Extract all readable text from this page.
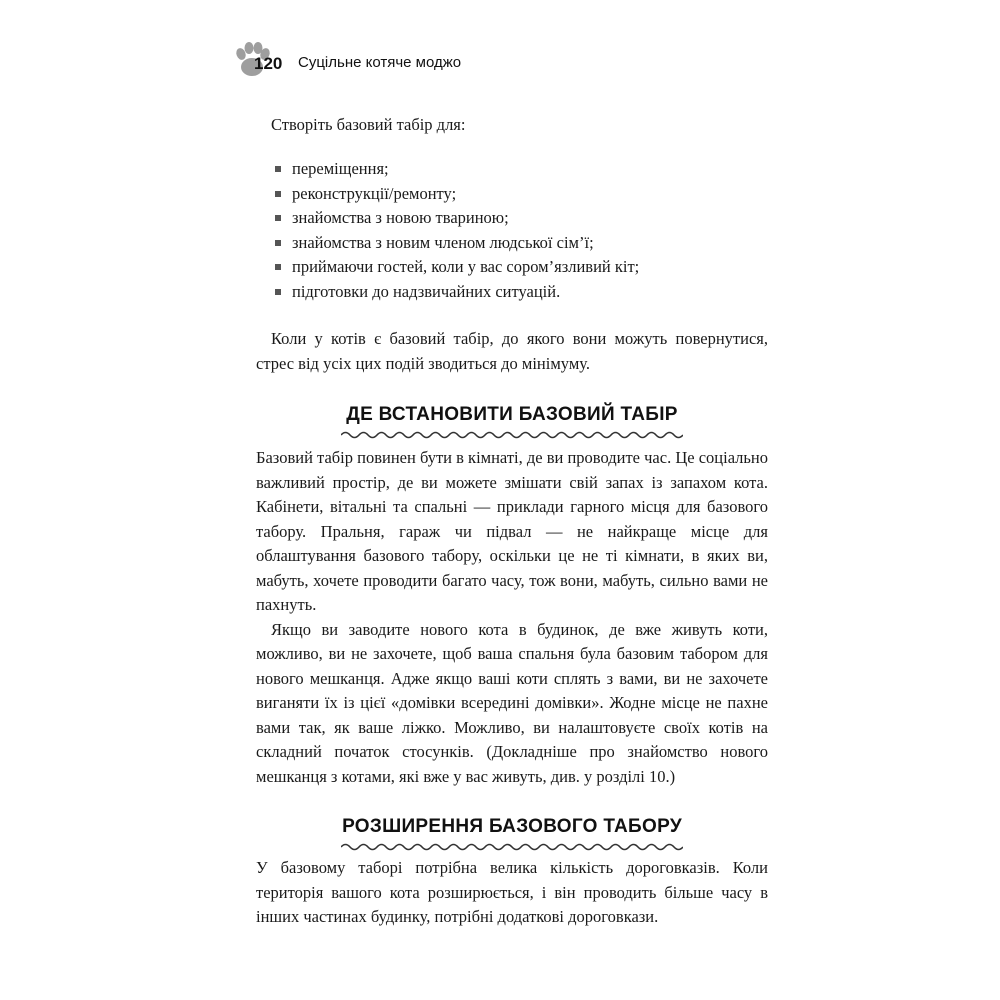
120 Суцільне котяче моджо

Створіть базовий табір для:

переміщення;
реконструкції/ремонту;
знайомства з новою твариною;
знайомства з новим членом людської сім’ї;
приймаючи гостей, коли у вас сором’язливий кіт;
підготовки до надзвичайних ситуацій.

Коли у котів є базовий табір, до якого вони можуть повернутися, стрес від усіх цих подій зводиться до мінімуму.

ДЕ ВСТАНОВИТИ БАЗОВИЙ ТАБІР

Базовий табір повинен бути в кімнаті, де ви проводите час. Це соціально важливий простір, де ви можете змішати свій запах із запахом кота. Кабінети, вітальні та спальні — приклади гарного місця для базового табору. Пральня, гараж чи підвал — не найкраще місце для облаштування базового табору, оскільки це не ті кімнати, в яких ви, мабуть, хочете проводити багато часу, тож вони, мабуть, сильно вами не пахнуть.

Якщо ви заводите нового кота в будинок, де вже живуть коти, можливо, ви не захочете, щоб ваша спальня була базовим табором для нового мешканця. Адже якщо ваші коти сплять з вами, ви не захочете виганяти їх із цієї «домівки всередині домівки». Жодне місце не пахне вами так, як ваше ліжко. Можливо, ви налаштовуєте своїх котів на складний початок стосунків. (Докладніше про знайомство нового мешканця з котами, які вже у вас живуть, див. у розділі 10.)

РОЗШИРЕННЯ БАЗОВОГО ТАБОРУ

У базовому таборі потрібна велика кількість дороговказів. Коли територія вашого кота розширюється, і він проводить більше часу в інших частинах будинку, потрібні додаткові дороговкази.
